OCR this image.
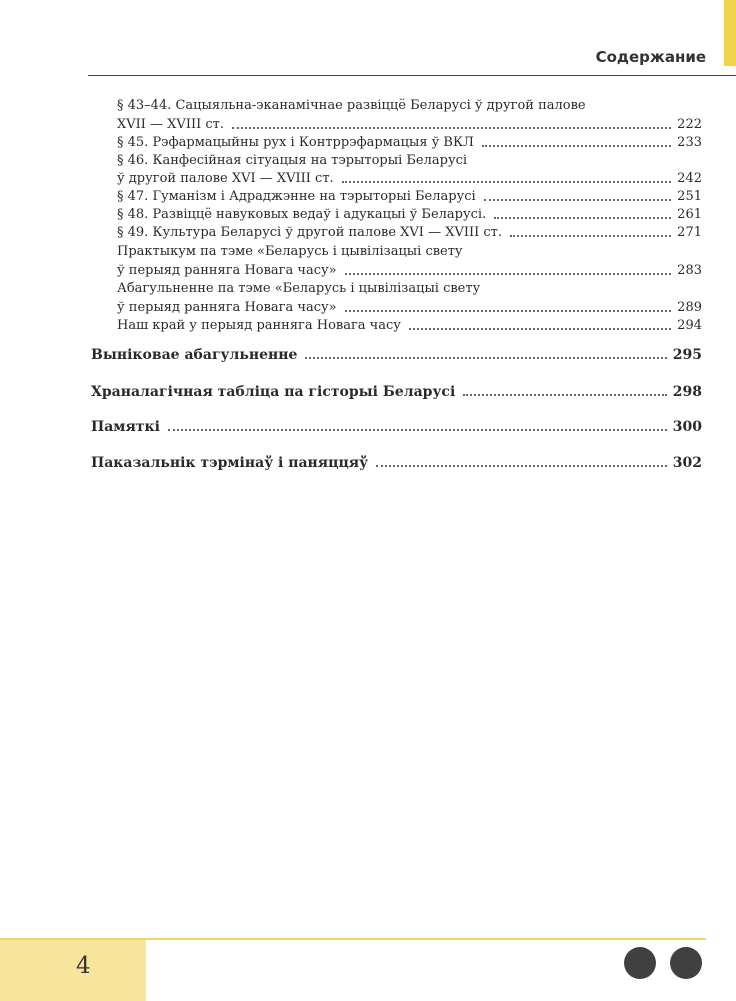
Содержание
§ 43–44. Сацыяльна-эканамічнае развіццё Беларусі ў другой палове
XVII — XVIII ст.	222
§ 45. Рэфармацыйны рух і Контррэфармацыя ў ВКЛ	233
§ 46. Канфесійная сітуацыя на тэрыторыі Беларусі
ў другой палове XVI — XVIII ст.	242
§ 47. Гуманізм і Адраджэнне на тэрыторыі Беларусі	251
§ 48. Развіццё навуковых ведаў і адукацыі ў Беларусі.	261
§ 49. Культура Беларусі ў другой палове XVI — XVIII ст.	271
Практыкум па тэме «Беларусь і цывілізацыі свету
ў перыяд ранняга Новага часу»	283
Абагульненне па тэме «Беларусь і цывілізацыі свету
ў перыяд ранняга Новага часу»	289
Наш край у перыяд ранняга Новага часу	294
Выніковае абагульненне	295
Храналагічная табліца па гісторыі Беларусі	298
Памяткі	300
Паказальнік тэрмінаў і паняццяў	302
4
